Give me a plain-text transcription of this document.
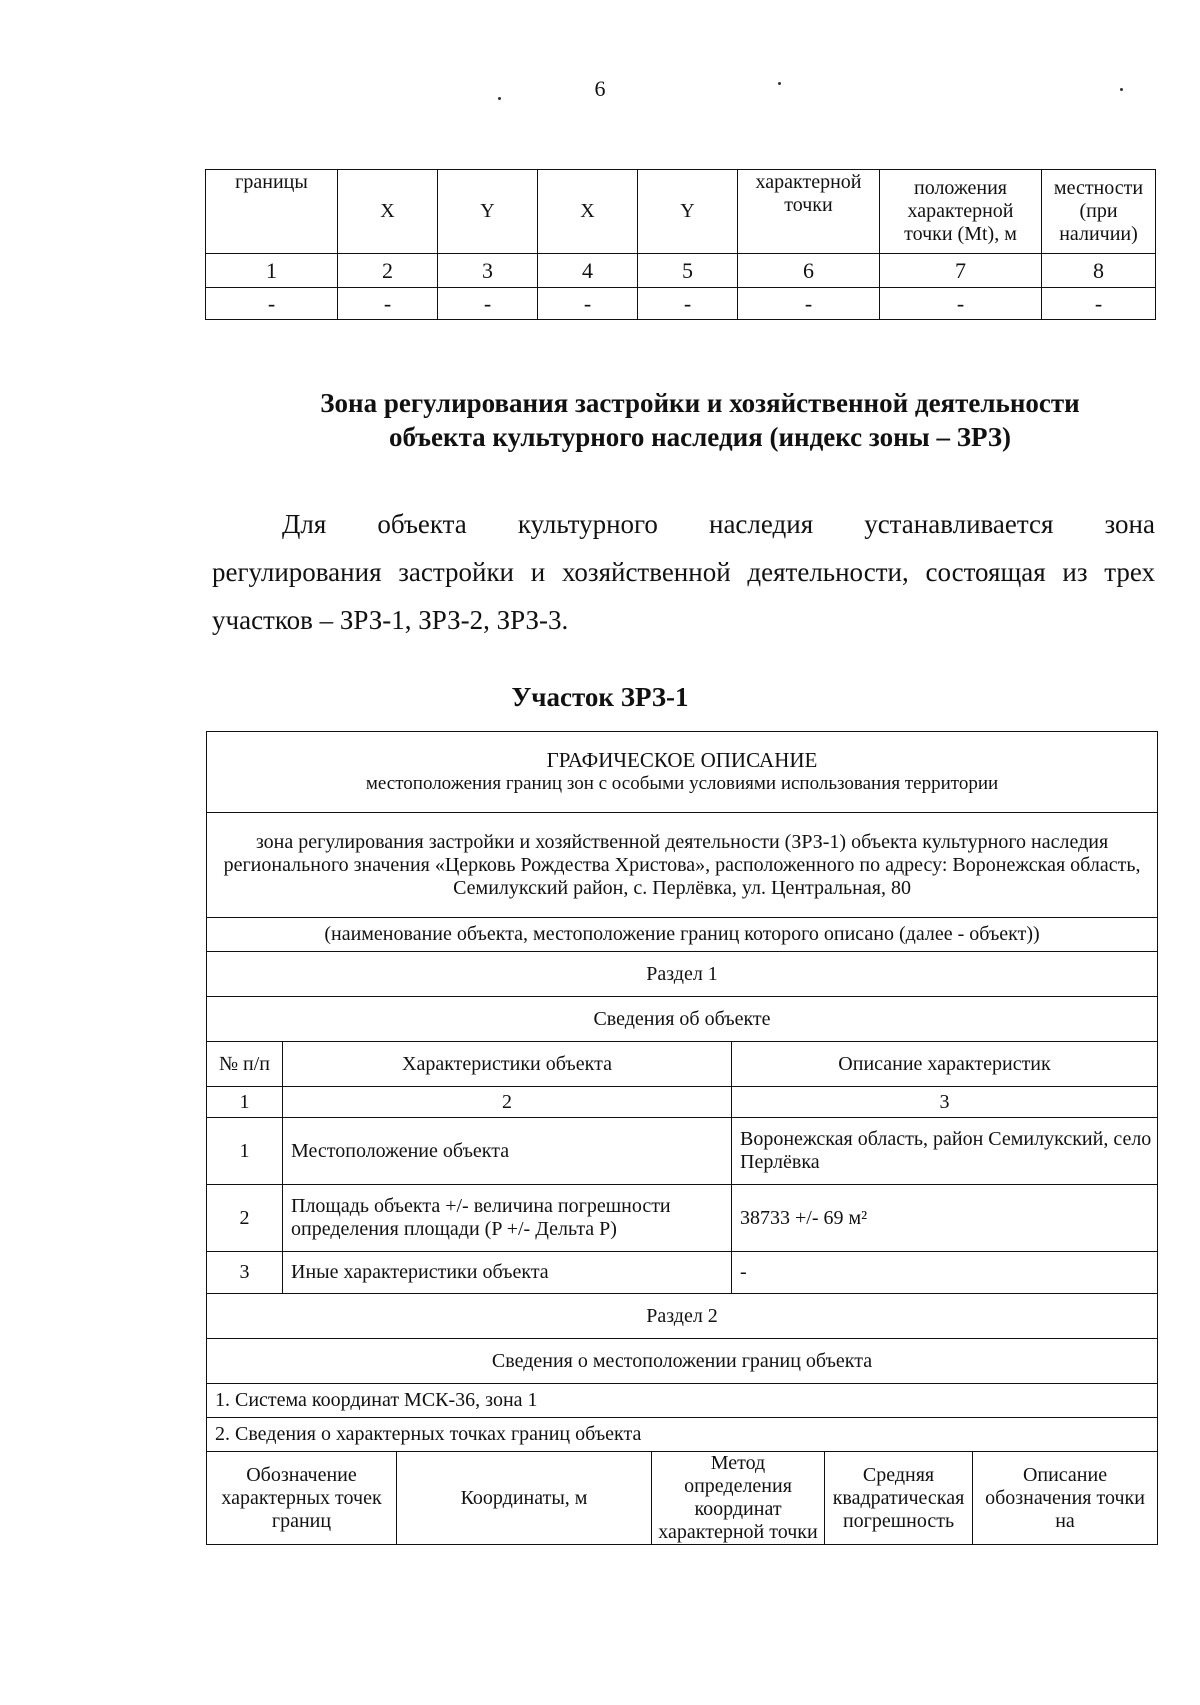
6
границы	X	Y	X	Y	характерной точки	положения характерной точки (Mt), м	местности (при наличии)
1	2	3	4	5	6	7	8
-	-	-	-	-	-	-	-
Зона регулирования застройки и хозяйственной деятельности
объекта культурного наследия (индекс зоны – ЗРЗ)
Для объекта культурного наследия устанавливается зона
регулирования застройки и хозяйственной деятельности, состоящая из трех участков – ЗРЗ-1, ЗРЗ-2, ЗРЗ-3.
Участок ЗРЗ-1
ГРАФИЧЕСКОЕ ОПИСАНИЕ
местоположения границ зон с особыми условиями использования территории						

зона регулирования застройки и хозяйственной деятельности (ЗРЗ-1) объекта культурного наследия регионального значения «Церковь Рождества Христова», расположенного по адресу: Воронежская область, Семилукский район, с. Перлёвка, ул. Центральная, 80						
(наименование объекта, местоположение границ которого описано (далее - объект))						
Раздел 1						
Сведения об объекте						
№ п/п	Характеристики объекта			Описание характеристик		
1	2			3		
1	Местоположение объекта			Воронежская область, район Семилукский, село Перлёвка		
2	Площадь объекта +/- величина погрешности определения площади (P +/- Дельта P)			38733 +/- 69 м²		
3	Иные характеристики объекта			-		
Раздел 2						
Сведения о местоположении границ объекта						
1. Система координат МСК-36, зона 1						
2. Сведения о характерных точках границ объекта						
Обозначение характерных точек границ		Координаты, м	Метод определения координат характерной точки		Средняя квадратическая погрешность	Описание обозначения точки на
